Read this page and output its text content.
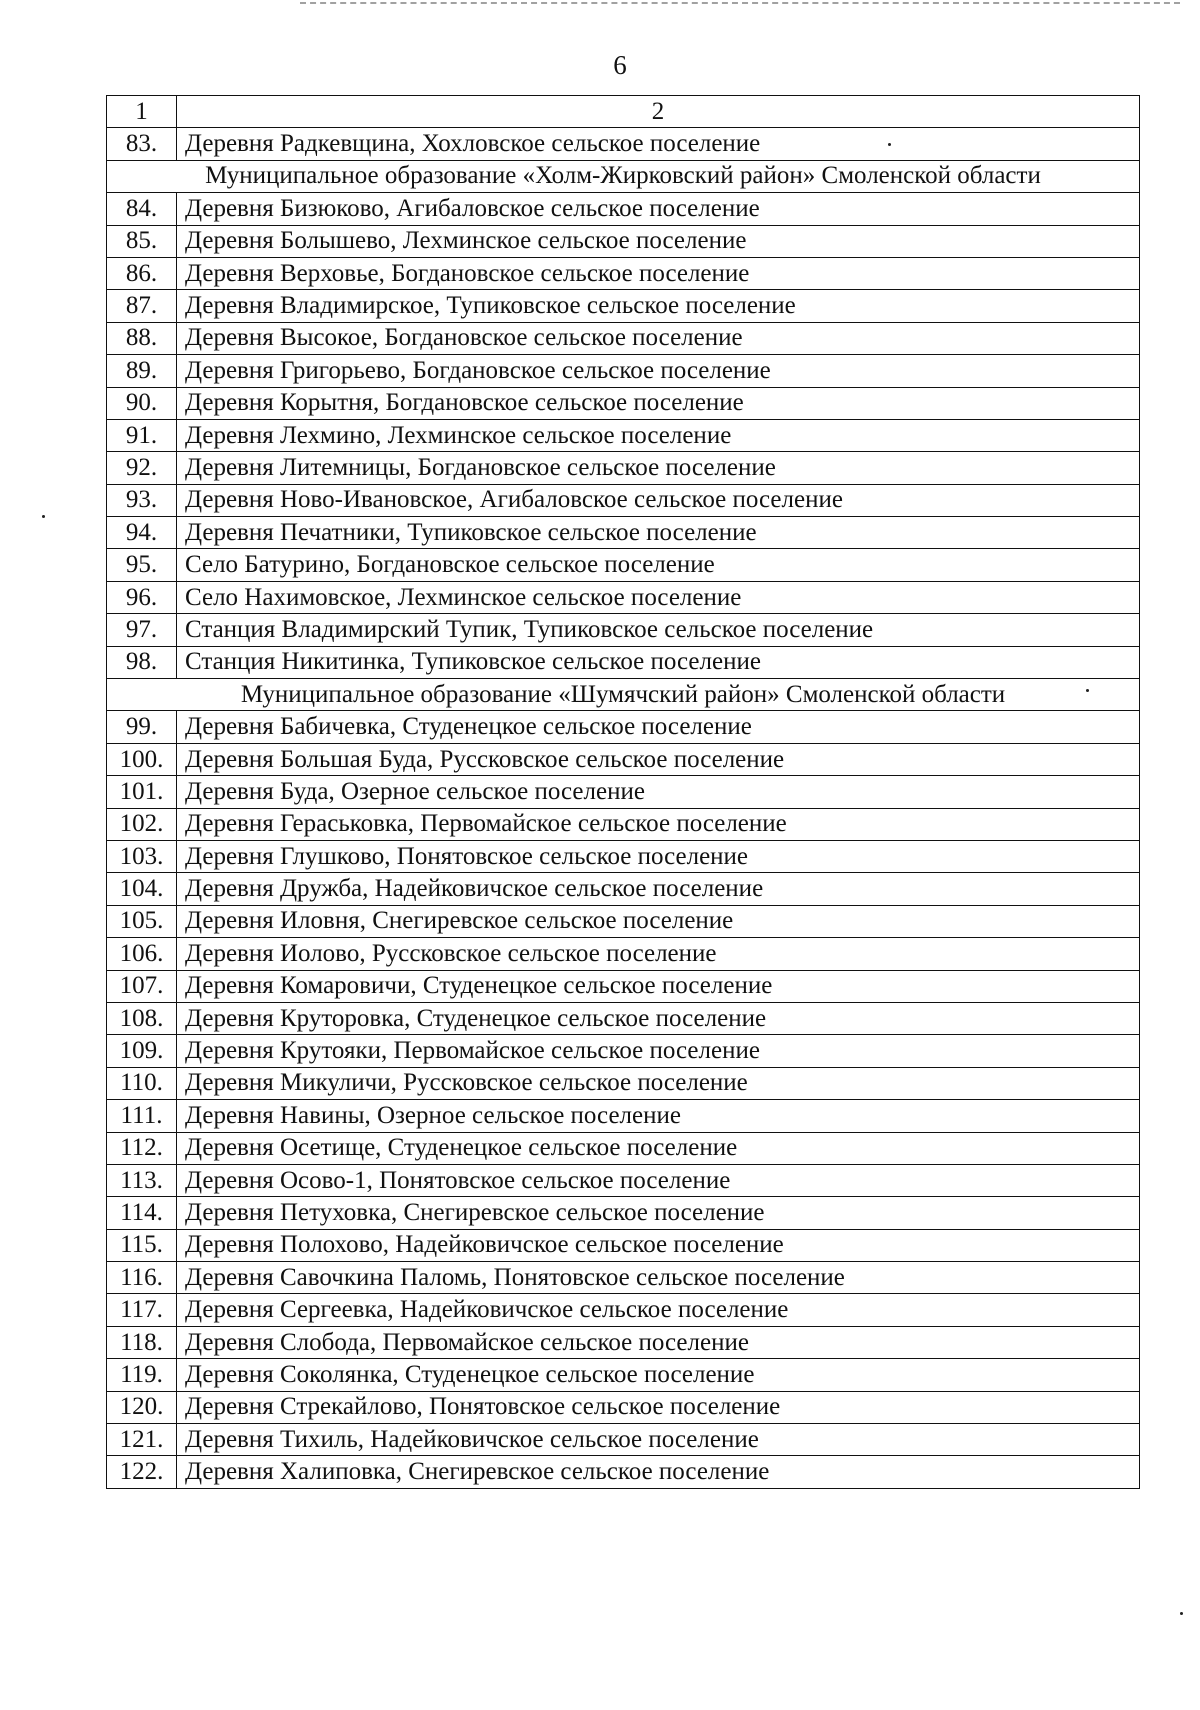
6
1	2
83.	Деревня Радкевщина, Хохловское сельское поселение
Муниципальное образование «Холм-Жирковский район» Смоленской области	
84.	Деревня Бизюково, Агибаловское сельское поселение
85.	Деревня Болышево, Лехминское сельское поселение
86.	Деревня Верховье, Богдановское сельское поселение
87.	Деревня Владимирское, Тупиковское сельское поселение
88.	Деревня Высокое, Богдановское сельское поселение
89.	Деревня Григорьево, Богдановское сельское поселение
90.	Деревня Корытня, Богдановское сельское поселение
91.	Деревня Лехмино, Лехминское сельское поселение
92.	Деревня Литемницы, Богдановское сельское поселение
93.	Деревня Ново-Ивановское, Агибаловское сельское поселение
94.	Деревня Печатники, Тупиковское сельское поселение
95.	Село Батурино, Богдановское сельское поселение
96.	Село Нахимовское, Лехминское сельское поселение
97.	Станция Владимирский Тупик, Тупиковское сельское поселение
98.	Станция Никитинка, Тупиковское сельское поселение
Муниципальное образование «Шумячский район» Смоленской области	
99.	Деревня Бабичевка, Студенецкое сельское поселение
100.	Деревня Большая Буда, Руссковское сельское поселение
101.	Деревня Буда, Озерное сельское поселение
102.	Деревня Гераськовка, Первомайское сельское поселение
103.	Деревня Глушково, Понятовское сельское поселение
104.	Деревня Дружба, Надейковичское сельское поселение
105.	Деревня Иловня, Снегиревское сельское поселение
106.	Деревня Иолово, Руссковское сельское поселение
107.	Деревня Комаровичи, Студенецкое сельское поселение
108.	Деревня Круторовка, Студенецкое сельское поселение
109.	Деревня Крутояки, Первомайское сельское поселение
110.	Деревня Микуличи, Руссковское сельское поселение
111.	Деревня Навины, Озерное сельское поселение
112.	Деревня Осетище, Студенецкое сельское поселение
113.	Деревня Осово-1, Понятовское сельское поселение
114.	Деревня Петуховка, Снегиревское сельское поселение
115.	Деревня Полохово, Надейковичское сельское поселение
116.	Деревня Савочкина Паломь, Понятовское сельское поселение
117.	Деревня Сергеевка, Надейковичское сельское поселение
118.	Деревня Слобода, Первомайское сельское поселение
119.	Деревня Соколянка, Студенецкое сельское поселение
120.	Деревня Стрекайлово, Понятовское сельское поселение
121.	Деревня Тихиль, Надейковичское сельское поселение
122.	Деревня Халиповка, Снегиревское сельское поселение
